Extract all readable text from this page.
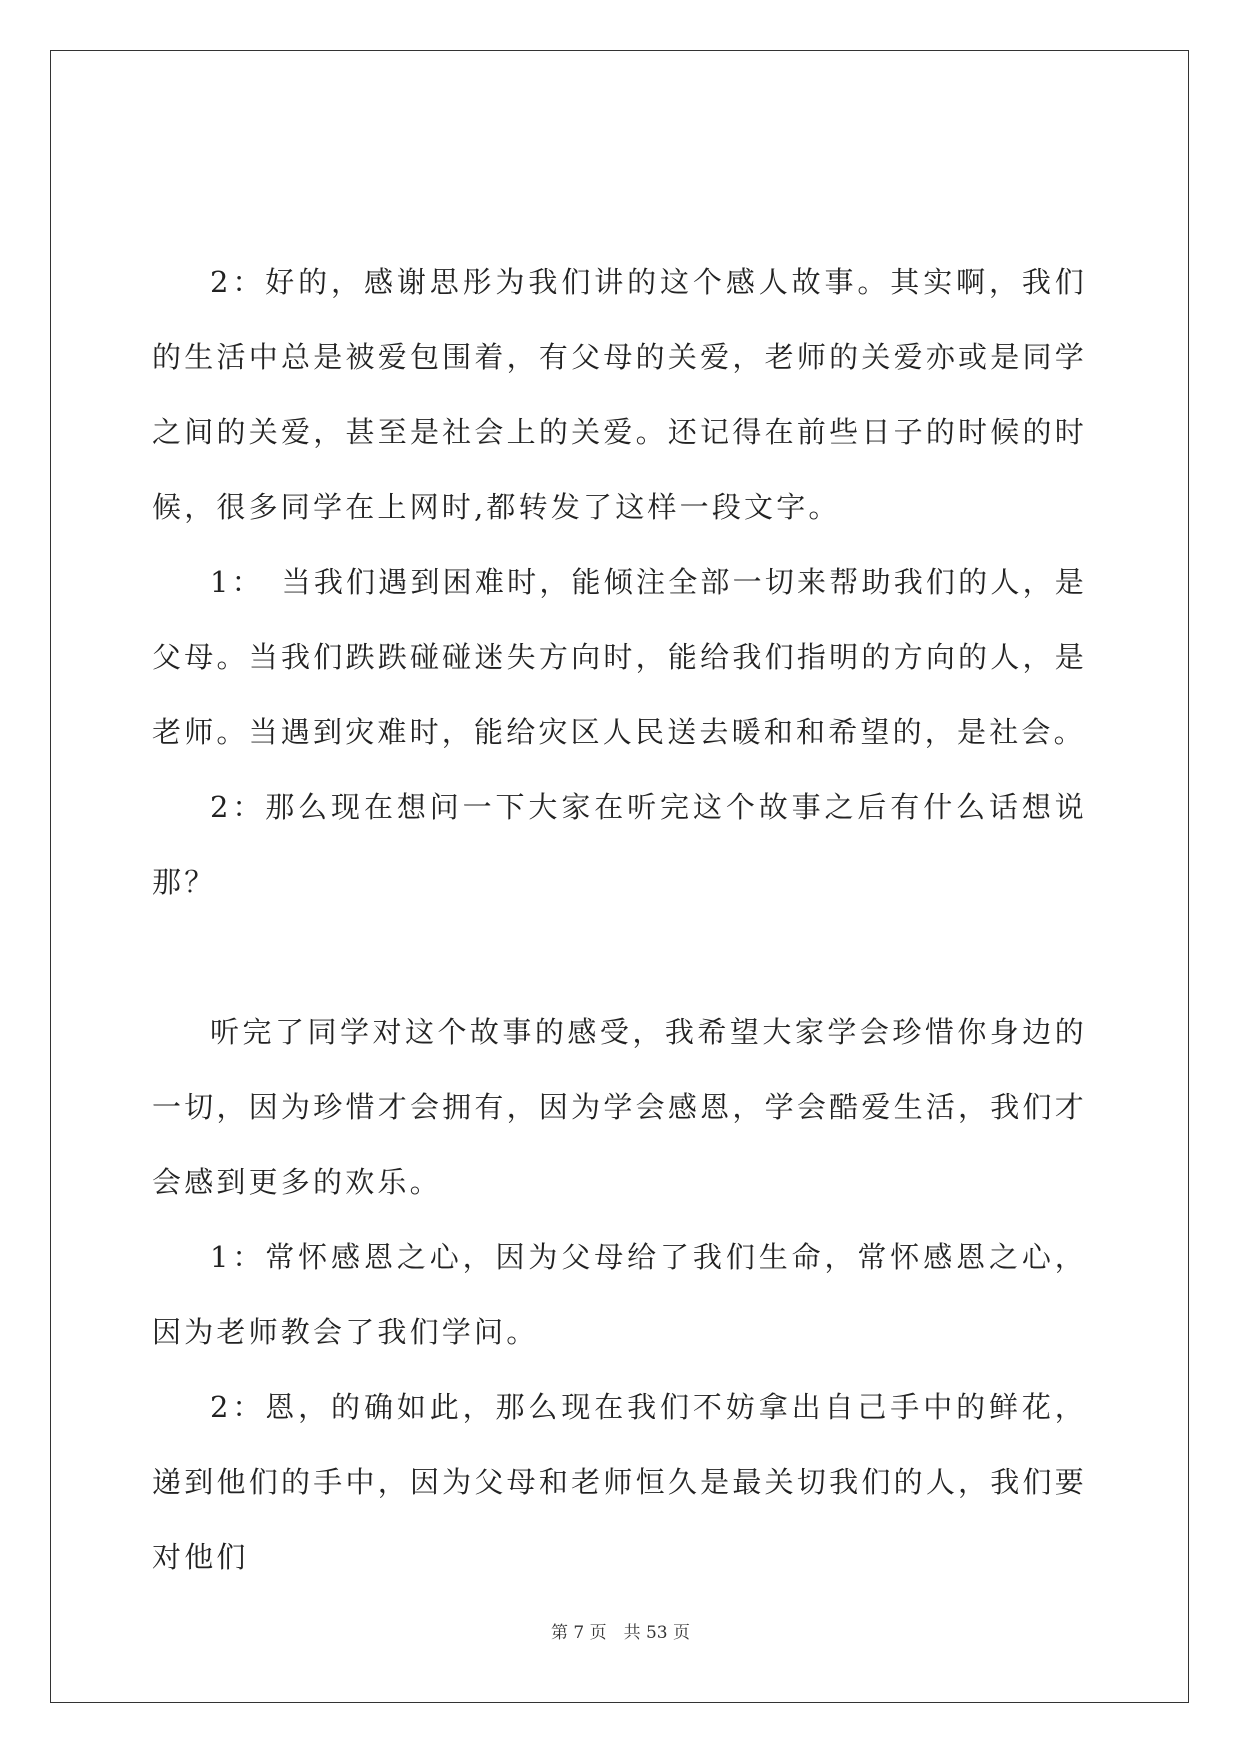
2：好的，感谢思彤为我们讲的这个感人故事。其实啊，我们的生活中总是被爱包围着，有父母的关爱，老师的关爱亦或是同学之间的关爱，甚至是社会上的关爱。还记得在前些日子的时候的时候，很多同学在上网时,都转发了这样一段文字。

1：　当我们遇到困难时，能倾注全部一切来帮助我们的人，是父母。当我们跌跌碰碰迷失方向时，能给我们指明的方向的人，是老师。当遇到灾难时，能给灾区人民送去暖和和希望的，是社会。

2：那么现在想问一下大家在听完这个故事之后有什么话想说那？

听完了同学对这个故事的感受，我希望大家学会珍惜你身边的一切，因为珍惜才会拥有，因为学会感恩，学会酷爱生活，我们才会感到更多的欢乐。

1：常怀感恩之心，因为父母给了我们生命，常怀感恩之心，因为老师教会了我们学问。

2：恩，的确如此，那么现在我们不妨拿出自己手中的鲜花，递到他们的手中，因为父母和老师恒久是最关切我们的人，我们要对他们

第 7 页　共 53 页
